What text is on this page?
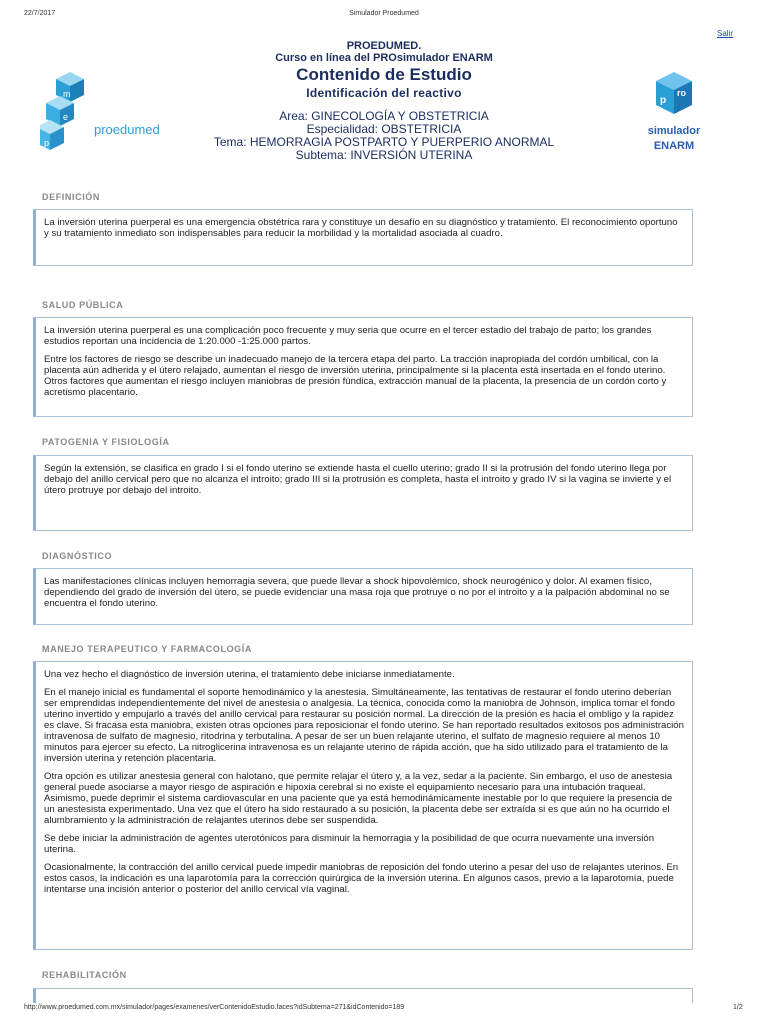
22/7/2017	Simulador Proedumed
Salir
m
e
p
proedumed
p
ro
simulador
ENARM
PROEDUMED.
Curso en línea del PROsimulador ENARM
Contenido de Estudio
Identificación del reactivo
Area: GINECOLOGÍA Y OBSTETRICIA
Especialidad: OBSTETRICIA
Tema: HEMORRAGIA POSTPARTO Y PUERPERIO ANORMAL
Subtema: INVERSIÓN UTERINA
DEFINICIÓN

La inversión uterina puerperal es una emergencia obstétrica rara y constituye un desafío en su diagnóstico y tratamiento. El reconocimiento oportuno y su tratamiento inmediato son indispensables para reducir la morbilidad y la mortalidad asociada al cuadro.

SALUD PÚBLICA

La inversión uterina puerperal es una complicación poco frecuente y muy seria que ocurre en el tercer estadio del trabajo de parto; los grandes estudios reportan una incidencia de 1:20.000 -1:25.000 partos.

Entre los factores de riesgo se describe un inadecuado manejo de la tercera etapa del parto. La tracción inapropiada del cordón umbilical, con la placenta aún adherida y el útero relajado, aumentan el riesgo de inversión uterina, principalmente si la placenta está insertada en el fondo uterino. Otros factores que aumentan el riesgo incluyen maniobras de presión fúndica, extracción manual de la placenta, la presencia de un cordón corto y acretismo placentario.

PATOGENIA Y FISIOLOGÍA

Según la extensión, se clasifica en grado I si el fondo uterino se extiende hasta el cuello uterino; grado II si la protrusión del fondo uterino llega por debajo del anillo cervical pero que no alcanza el introito; grado III si la protrusión es completa, hasta el introito y grado IV si la vagina se invierte y el útero protruye por debajo del introito.

DIAGNÓSTICO

Las manifestaciones clínicas incluyen hemorragia severa, que puede llevar a shock hipovolémico, shock neurogénico y dolor. Al examen físico, dependiendo del grado de inversión del útero, se puede evidenciar una masa roja que protruye o no por el introito y a la palpación abdominal no se encuentra el fondo uterino.

MANEJO TERAPEUTICO Y FARMACOLOGÍA

Una vez hecho el diagnóstico de inversión uterina, el tratamiento debe iniciarse inmediatamente.

En el manejo inicial es fundamental el soporte hemodinámico y la anestesia. Simultáneamente, las tentativas de restaurar el fondo uterino deberían ser emprendidas independientemente del nivel de anestesia o analgesia. La técnica, conocida como la maniobra de Johnson, implica tomar el fondo uterino invertido y empujarlo a través del anillo cervical para restaurar su posición normal. La dirección de la presión es hacia el ombligo y la rapidez es clave. Si fracasa esta maniobra, existen otras opciones para reposicionar el fondo uterino. Se han reportado resultados exitosos pos administración intravenosa de sulfato de magnesio, ritodrina y terbutalina. A pesar de ser un buen relajante uterino, el sulfato de magnesio requiere al menos 10 minutos para ejercer su efecto. La nitroglicerina intravenosa es un relajante uterino de rápida acción, que ha sido utilizado para el tratamiento de la inversión uterina y retención placentaria.

Otra opción es utilizar anestesia general con halotano, que permite relajar el útero y, a la vez, sedar a la paciente. Sin embargo, el uso de anestesia general puede asociarse a mayor riesgo de aspiración e hipoxia cerebral si no existe el equipamiento necesario para una intubación traqueal. Asimismo, puede deprimir el sistema cardiovascular en una paciente que ya está hemodinámicamente inestable por lo que requiere la presencia de un anestesista experimentado. Una vez que el útero ha sido restaurado a su posición, la placenta debe ser extraída si es que aún no ha ocurrido el alumbramiento y la administración de relajantes uterinos debe ser suspendida.

Se debe iniciar la administración de agentes uterotónicos para disminuir la hemorragia y la posibilidad de que ocurra nuevamente una inversión uterina.

Ocasionalmente, la contracción del anillo cervical puede impedir maniobras de reposición del fondo uterino a pesar del uso de relajantes uterinos. En estos casos, la indicación es una laparotomía para la corrección quirúrgica de la inversión uterina. En algunos casos, previo a la laparotomía, puede intentarse una incisión anterior o posterior del anillo cervical vía vaginal.

REHABILITACIÓN
http://www.proedumed.com.mx/simulador/pages/examenes/verContenidoEstudio.faces?idSubtema=271&idContenido=189	1/2
